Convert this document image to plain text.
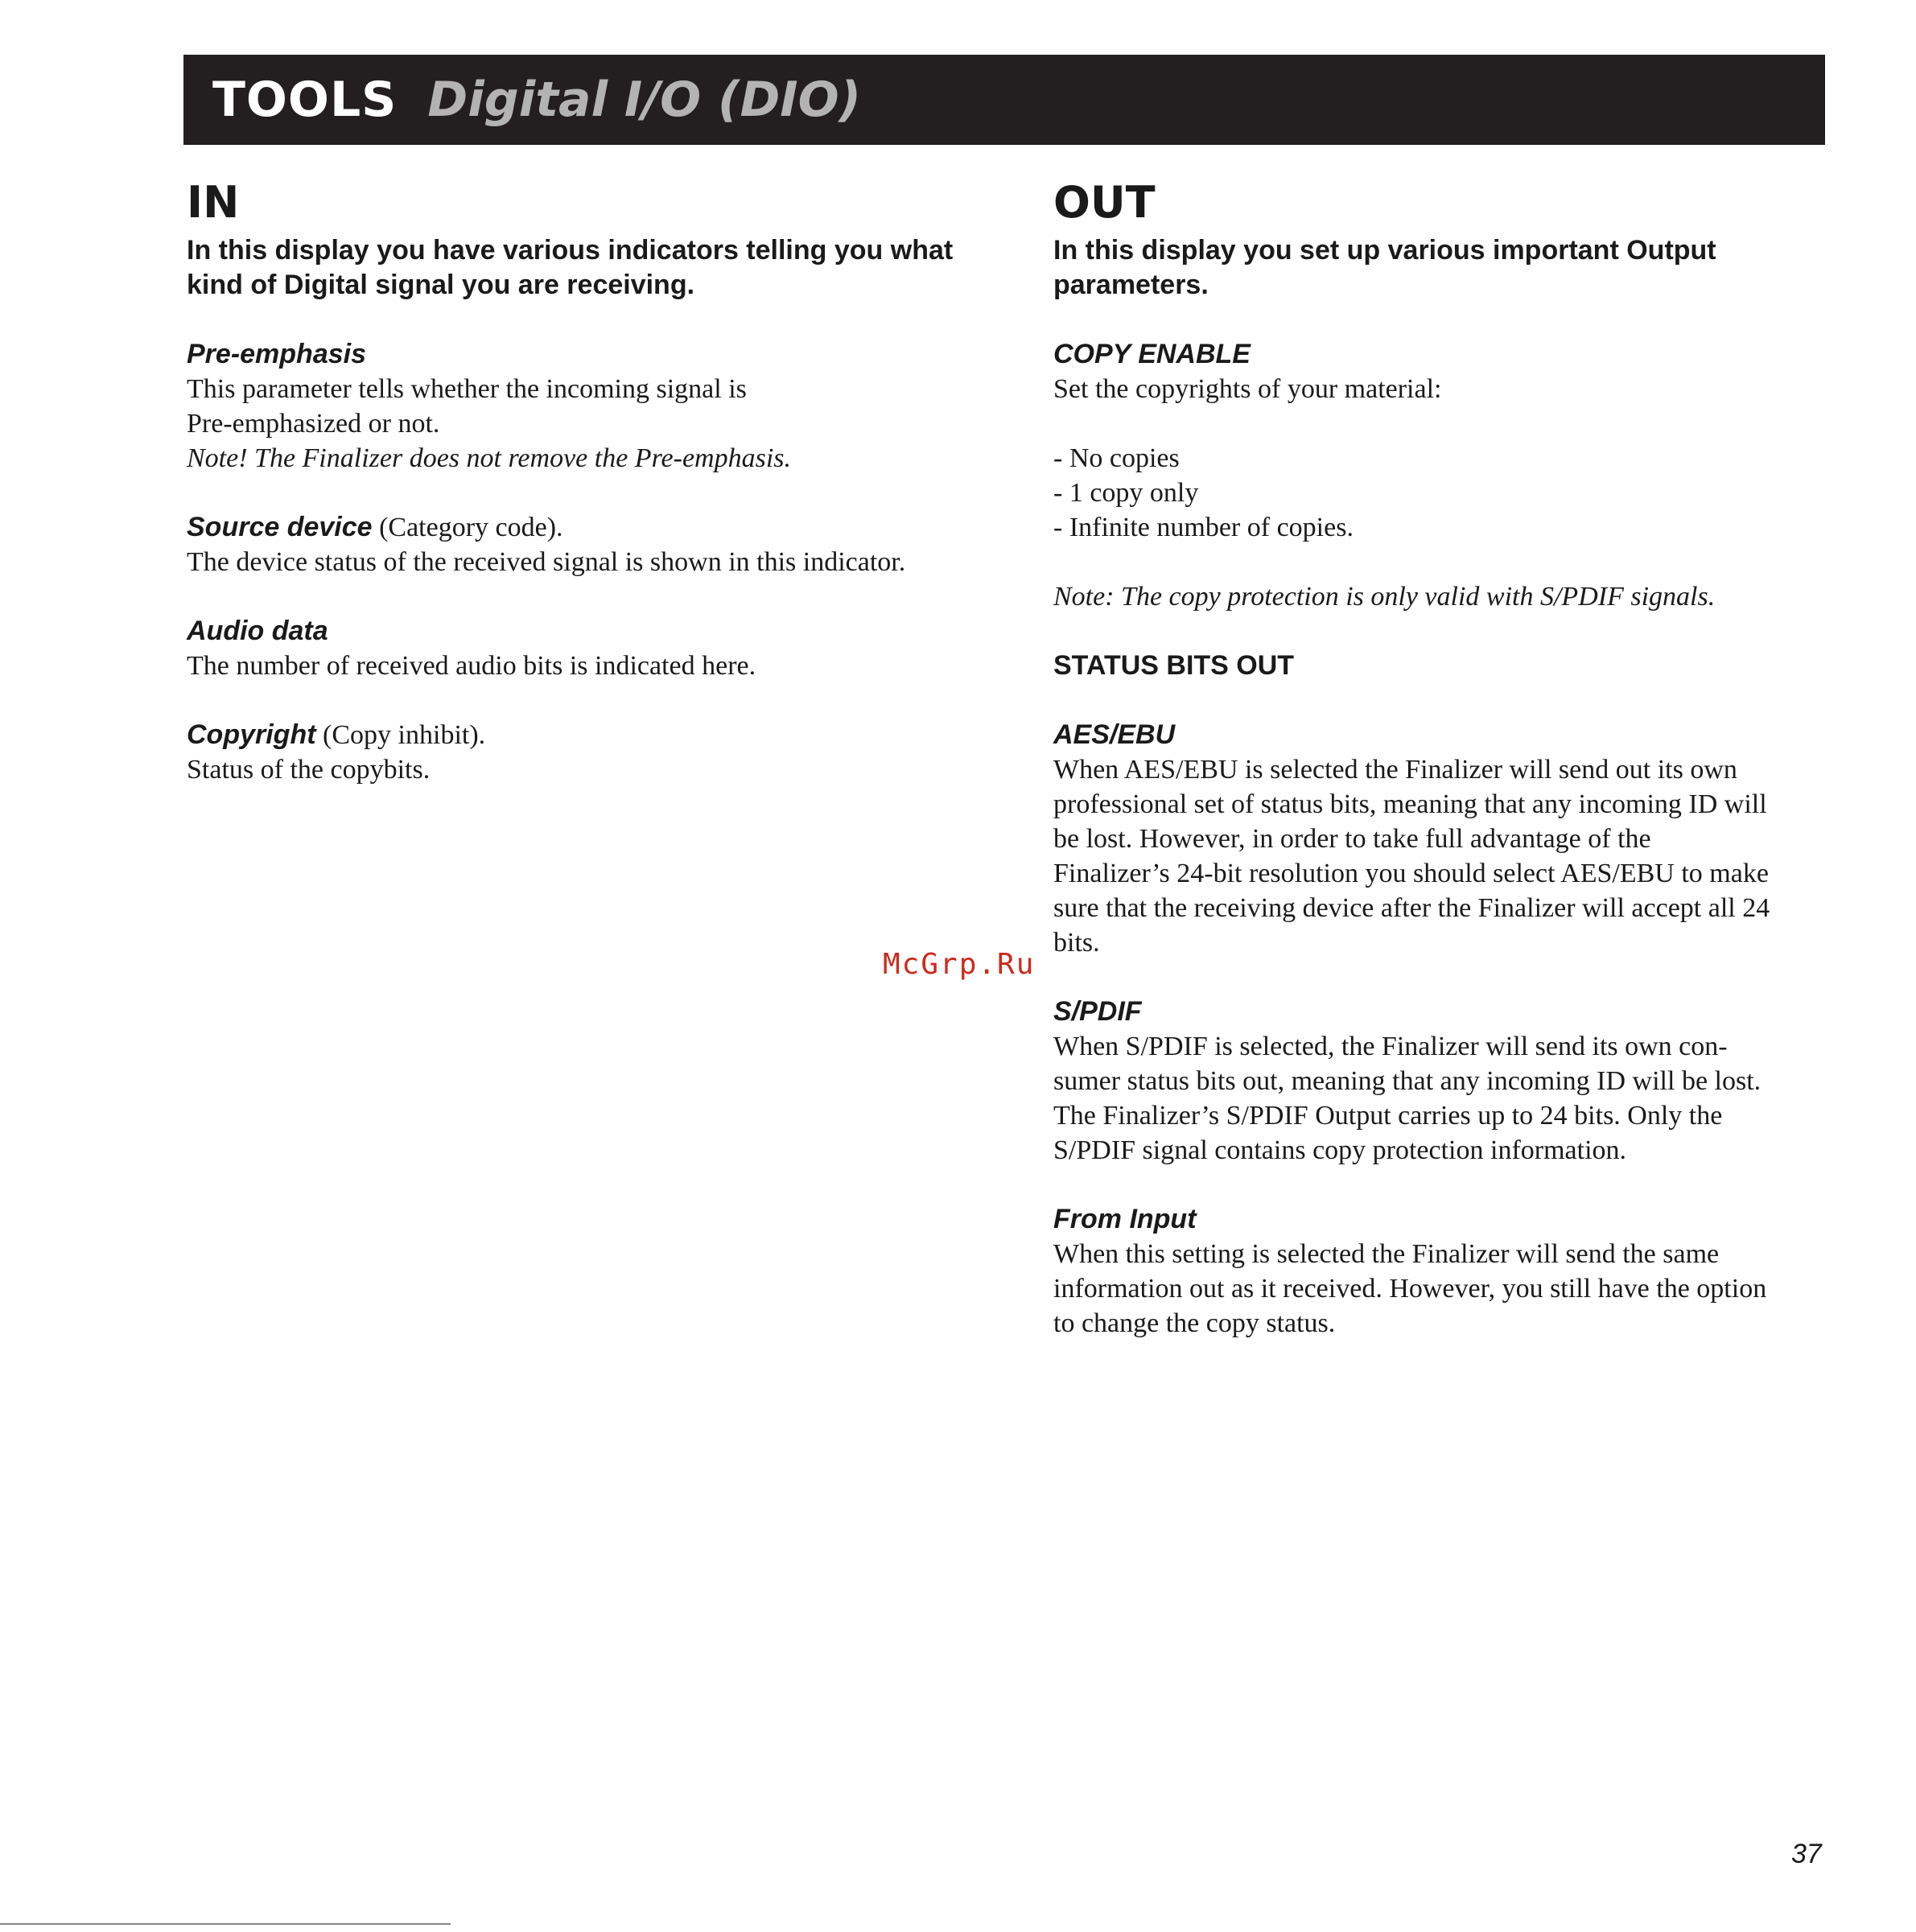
TOOLS Digital I/O (DIO)
IN
In this display you have various indicators telling you what kind of Digital signal you are receiving.
Pre-emphasis
This parameter tells whether the incoming signal is
Pre-emphasized or not.
Note! The Finalizer does not remove the Pre-emphasis.
Source device (Category code).
The device status of the received signal is shown in this indicator.
Audio data
The number of received audio bits is indicated here.
Copyright (Copy inhibit).
Status of the copybits.
OUT
In this display you set up various important Output parameters.
COPY ENABLE
Set the copyrights of your material:
- No copies
- 1 copy only
- Infinite number of copies.
Note: The copy protection is only valid with S/PDIF signals.
STATUS BITS OUT
AES/EBU
When AES/EBU is selected the Finalizer will send out its own
professional set of status bits, meaning that any incoming ID will
be lost. However, in order to take full advantage of the
Finalizer’s 24-bit resolution you should select AES/EBU to make
sure that the receiving device after the Finalizer will accept all 24
bits.
S/PDIF
When S/PDIF is selected, the Finalizer will send its own con-
sumer status bits out, meaning that any incoming ID will be lost.
The Finalizer’s S/PDIF Output carries up to 24 bits. Only the
S/PDIF signal contains copy protection information.
From Input
When this setting is selected the Finalizer will send the same
information out as it received. However, you still have the option
to change the copy status.
McGrp.Ru
37
